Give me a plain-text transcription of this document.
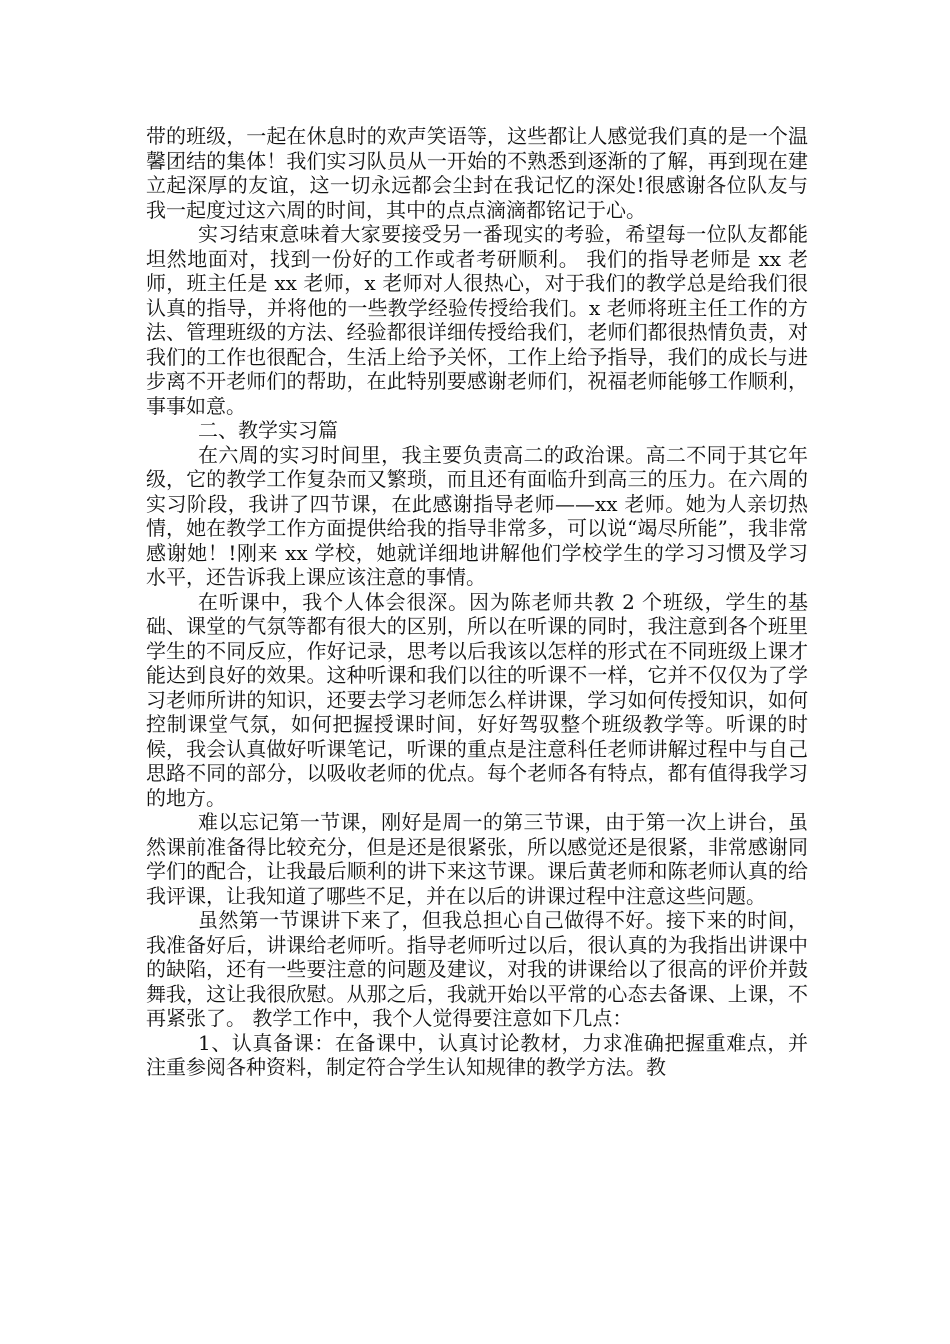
带的班级，一起在休息时的欢声笑语等，这些都让人感觉我们真的是一个温馨团结的集体！我们实习队员从一开始的不熟悉到逐渐的了解，再到现在建立起深厚的友谊，这一切永远都会尘封在我记忆的深处!很感谢各位队友与我一起度过这六周的时间，其中的点点滴滴都铭记于心。

实习结束意味着大家要接受另一番现实的考验，希望每一位队友都能坦然地面对，找到一份好的工作或者考研顺利。 我们的指导老师是 xx 老师，班主任是 xx 老师，x 老师对人很热心，对于我们的教学总是给我们很认真的指导，并将他的一些教学经验传授给我们。x 老师将班主任工作的方法、管理班级的方法、经验都很详细传授给我们，老师们都很热情负责，对我们的工作也很配合，生活上给予关怀，工作上给予指导，我们的成长与进步离不开老师们的帮助，在此特别要感谢老师们，祝福老师能够工作顺利，事事如意。

二、教学实习篇

在六周的实习时间里，我主要负责高二的政治课。高二不同于其它年级，它的教学工作复杂而又繁琐，而且还有面临升到高三的压力。在六周的实习阶段，我讲了四节课，在此感谢指导老师——xx 老师。她为人亲切热情，她在教学工作方面提供给我的指导非常多，可以说“竭尽所能”，我非常感谢她！!刚来 xx 学校，她就详细地讲解他们学校学生的学习习惯及学习水平，还告诉我上课应该注意的事情。

在听课中，我个人体会很深。因为陈老师共教 2 个班级，学生的基础、课堂的气氛等都有很大的区别，所以在听课的同时，我注意到各个班里学生的不同反应，作好记录，思考以后我该以怎样的形式在不同班级上课才能达到良好的效果。这种听课和我们以往的听课不一样，它并不仅仅为了学习老师所讲的知识，还要去学习老师怎么样讲课，学习如何传授知识，如何控制课堂气氛，如何把握授课时间，好好驾驭整个班级教学等。听课的时候，我会认真做好听课笔记，听课的重点是注意科任老师讲解过程中与自己思路不同的部分，以吸收老师的优点。每个老师各有特点，都有值得我学习的地方。

难以忘记第一节课，刚好是周一的第三节课，由于第一次上讲台，虽然课前准备得比较充分，但是还是很紧张，所以感觉还是很紧，非常感谢同学们的配合，让我最后顺利的讲下来这节课。课后黄老师和陈老师认真的给我评课，让我知道了哪些不足，并在以后的讲课过程中注意这些问题。

虽然第一节课讲下来了，但我总担心自己做得不好。接下来的时间，我准备好后，讲课给老师听。指导老师听过以后，很认真的为我指出讲课中的缺陷，还有一些要注意的问题及建议，对我的讲课给以了很高的评价并鼓舞我，这让我很欣慰。从那之后，我就开始以平常的心态去备课、上课，不再紧张了。 教学工作中，我个人觉得要注意如下几点：

1、认真备课：在备课中，认真讨论教材，力求准确把握重难点，并注重参阅各种资料，制定符合学生认知规律的教学方法。教
